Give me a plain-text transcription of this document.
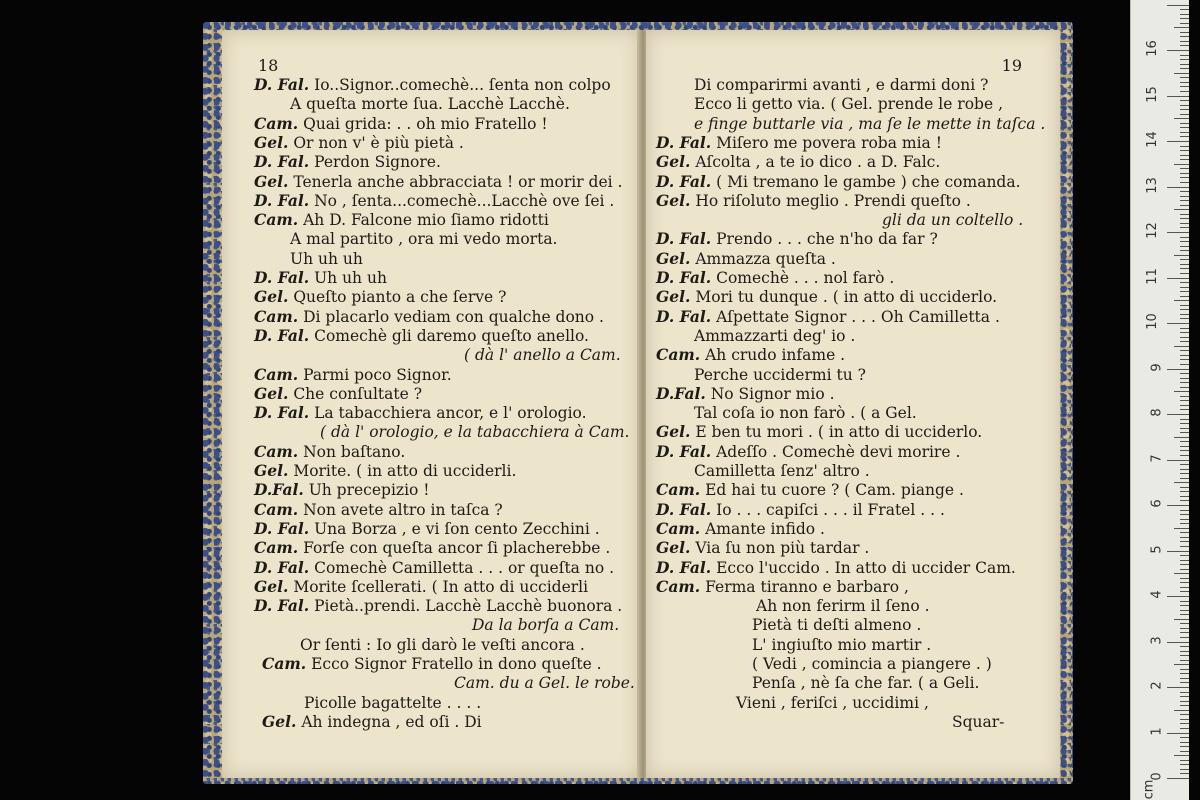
18
D. Fal. Io..Signor..comechè... ſenta non colpo
A queſta morte ſua. Lacchè Lacchè.
Cam. Quai grida: . . oh mio Fratello !
Gel. Or non v' è più pietà .
D. Fal. Perdon Signore.
Gel. Tenerla anche abbracciata ! or morir dei .
D. Fal. No , ſenta...comechè...Lacchè ove ſei .
Cam. Ah D. Falcone mio ſiamo ridotti
A mal partito , ora mi vedo morta.
Uh uh uh
D. Fal. Uh uh uh
Gel. Queſto pianto a che ſerve ?
Cam. Di placarlo vediam con qualche dono .
D. Fal. Comechè gli daremo queſto anello.
( dà l' anello a Cam.
Cam. Parmi poco Signor.
Gel. Che conſultate ?
D. Fal. La tabacchiera ancor, e l' orologio.
( dà l' orologio, e la tabacchiera à Cam.
Cam. Non baſtano.
Gel. Morite. ( in atto di ucciderli.
D.Fal. Uh precepizio !
Cam. Non avete altro in taſca ?
D. Fal. Una Borza , e vi ſon cento Zecchini .
Cam. Forſe con queſta ancor ſi placherebbe .
D. Fal. Comechè Camilletta . . . or queſta no .
Gel. Morite ſcellerati. ( In atto di ucciderli
D. Fal. Pietà..prendi. Lacchè Lacchè buonora .
Da la borſa a Cam.
Or ſenti : Io gli darò le veſti ancora .
Cam. Ecco Signor Fratello in dono queſte .
Cam. du a Gel. le robe.
Picolle bagattelte . . . .
Gel. Ah indegna , ed oſi . Di
19
Di comparirmi avanti , e darmi doni ?
Ecco li getto via. ( Gel. prende le robe ,
e finge buttarle via , ma ſe le mette in taſca .
D. Fal. Miſero me povera roba mia !
Gel. Aſcolta , a te io dico . a D. Falc.
D. Fal. ( Mi tremano le gambe ) che comanda.
Gel. Ho riſoluto meglio . Prendi queſto .
gli da un coltello .
D. Fal. Prendo . . . che n'ho da far ?
Gel. Ammazza queſta .
D. Fal. Comechè . . . nol farò .
Gel. Mori tu dunque . ( in atto di ucciderlo.
D. Fal. Aſpettate Signor . . . Oh Camilletta .
Ammazzarti deg' io .
Cam. Ah crudo infame .
Perche uccidermi tu ?
D.Fal. No Signor mio .
Tal coſa io non farò . ( a Gel.
Gel. E ben tu mori . ( in atto di ucciderlo.
D. Fal. Adeſſo . Comechè devi morire .
Camilletta ſenz' altro .
Cam. Ed hai tu cuore ? ( Cam. piange .
D. Fal. Io . . . capiſci . . . il Fratel . . .
Cam. Amante infido .
Gel. Via ſu non più tardar .
D. Fal. Ecco l'uccido . In atto di uccider Cam.
Cam. Ferma tiranno e barbaro ,
Ah non ferirm il ſeno .
Pietà ti deſti almeno .
L' ingiuſto mio martir .
( Vedi , comincia a piangere . )
Penſa , nè ſa che far. ( a Geli.
Vieni , feriſci , uccidimi ,
Squar-
0
1
2
3
4
5
6
7
8
9
10
11
12
13
14
15
16
cm
